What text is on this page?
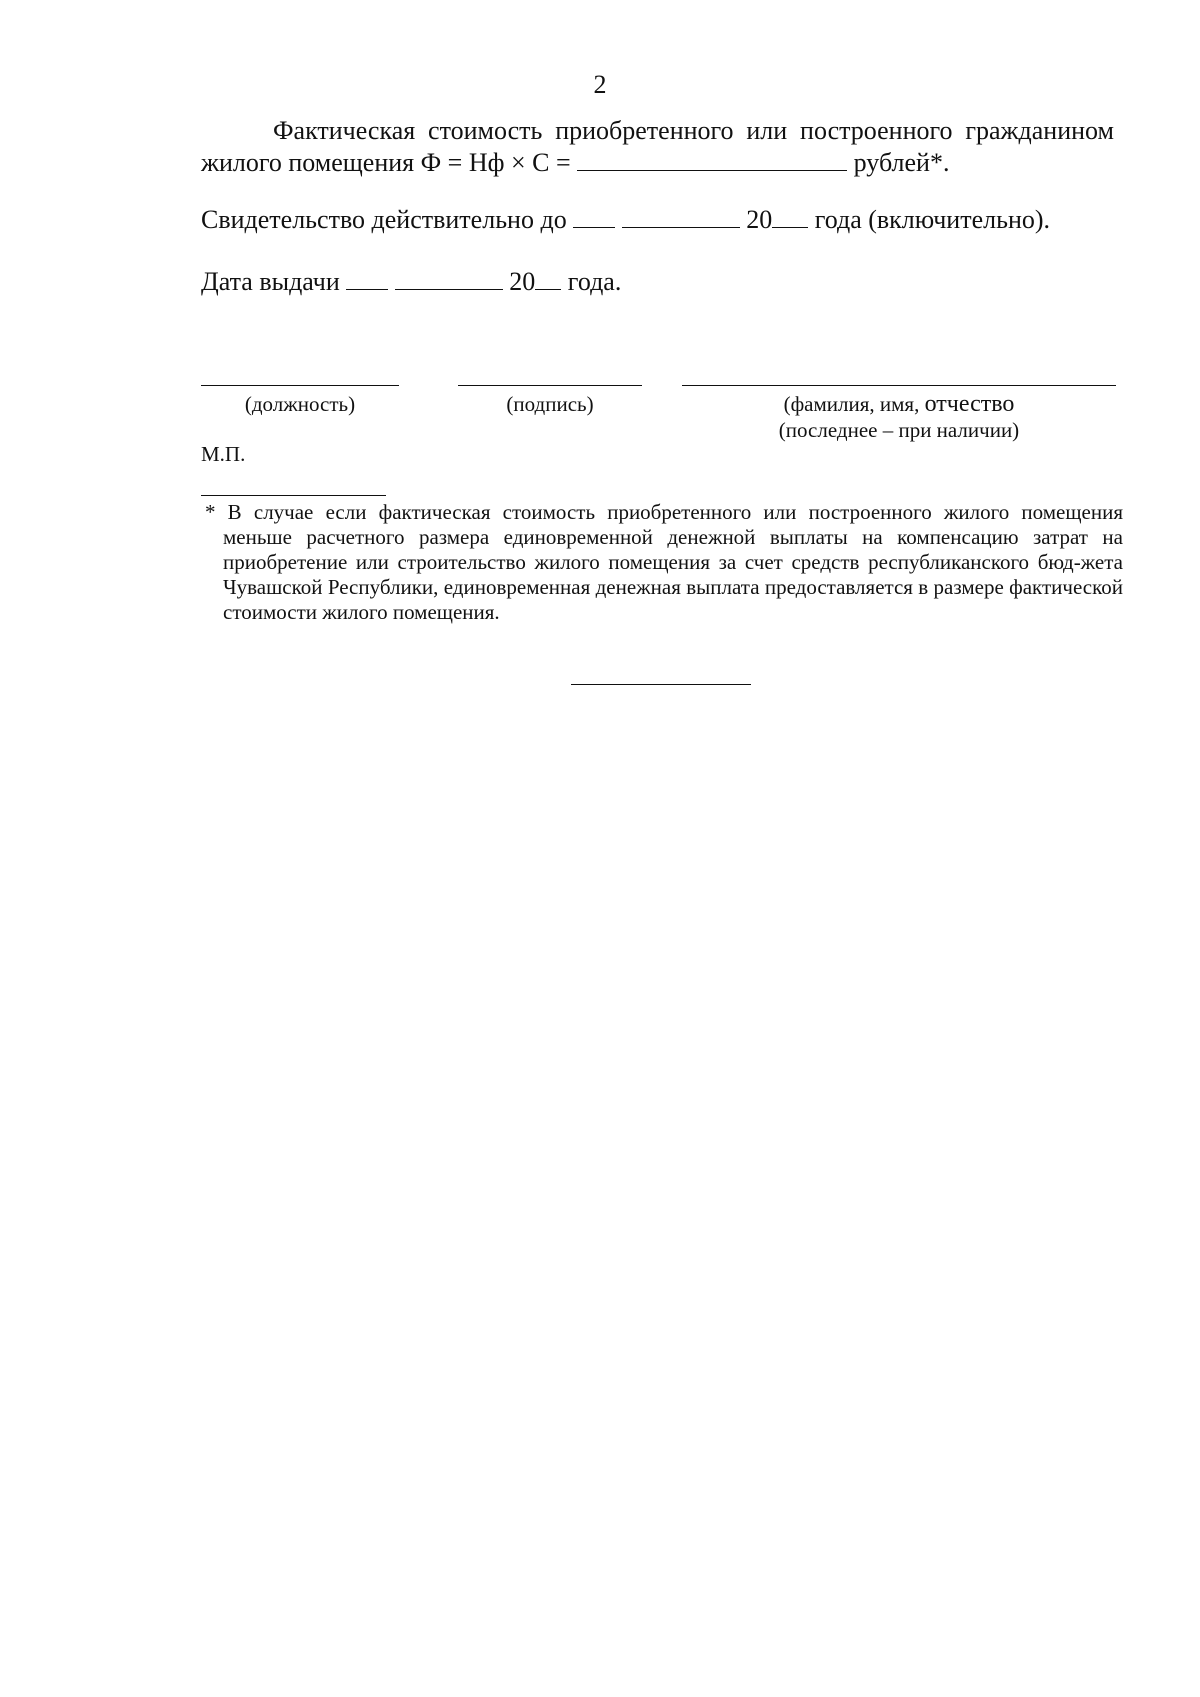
2
Фактическая стоимость приобретенного или построенного гражданином жилого помещения Ф = Нф × С =	рублей*.
Свидетельство действительно до	20 года (включительно).
Дата выдачи	20 года.
(должность)	(подпись)	(фамилия, имя, отчество
(последнее – при наличии)
М.П.
* В случае если фактическая стоимость приобретенного или построенного жилого помещения меньше расчетного размера единовременной денежной выплаты на компенсацию затрат на приобретение или строительство жилого помещения за счет средств республиканского бюд-жета Чувашской Республики, единовременная денежная выплата предоставляется в размере фактической стоимости жилого помещения.
